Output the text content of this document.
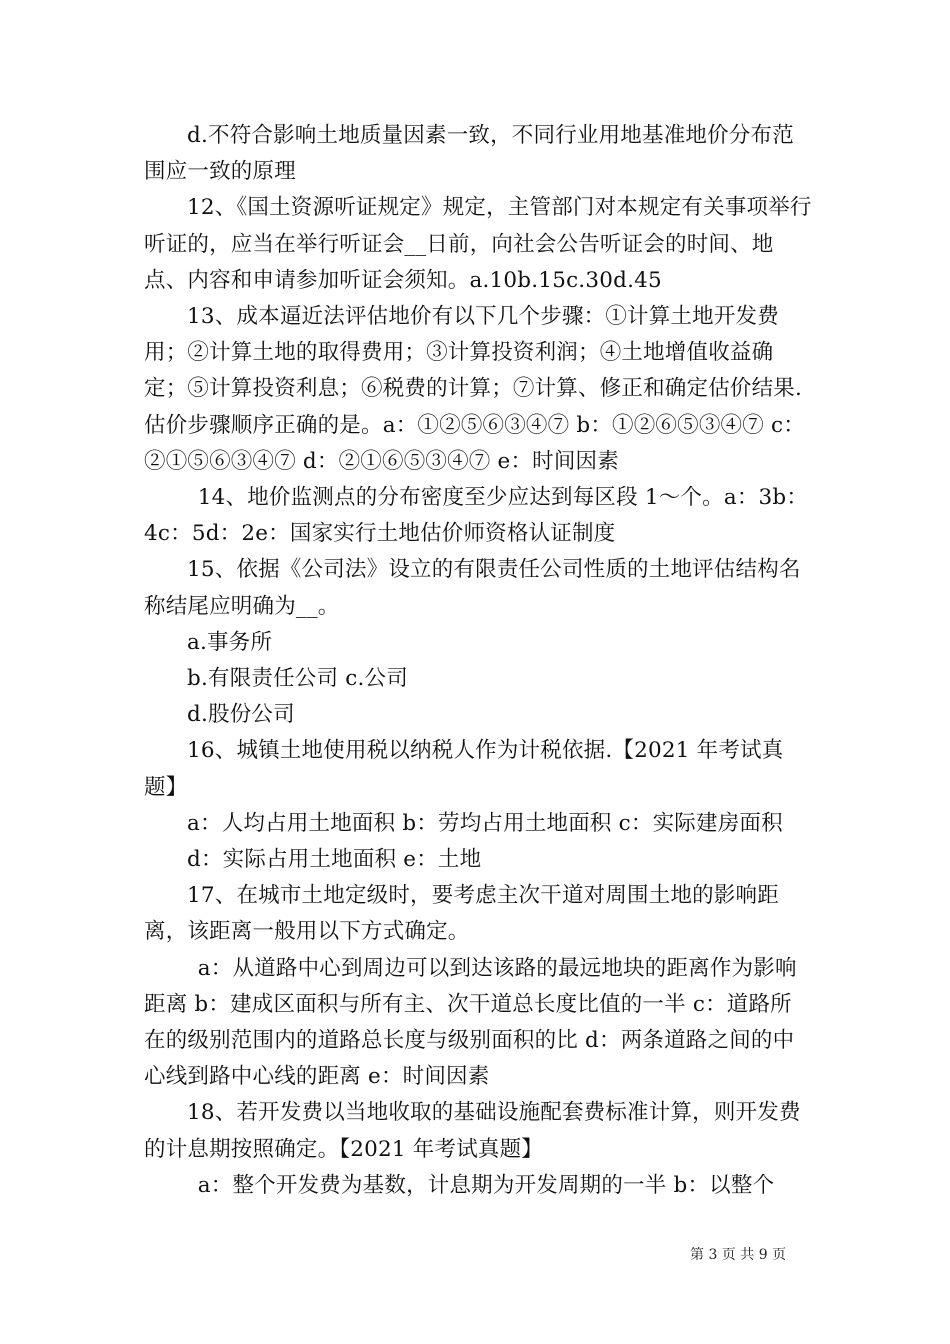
d.不符合影响土地质量因素一致，不同行业用地基准地价分布范围应一致的原理

12、《国土资源听证规定》规定，主管部门对本规定有关事项举行听证的，应当在举行听证会__日前，向社会公告听证会的时间、地点、内容和申请参加听证会须知。a.10b.15c.30d.45

13、成本逼近法评估地价有以下几个步骤：①计算土地开发费用；②计算土地的取得费用；③计算投资利润；④土地增值收益确定；⑤计算投资利息；⑥税费的计算；⑦计算、修正和确定估价结果.估价步骤顺序正确的是。a：①②⑤⑥③④⑦ b：①②⑥⑤③④⑦ c：②①⑤⑥③④⑦ d：②①⑥⑤③④⑦ e：时间因素

14、地价监测点的分布密度至少应达到每区段 1～个。a：3b：4c：5d：2e：国家实行土地估价师资格认证制度

15、依据《公司法》设立的有限责任公司性质的土地评估结构名称结尾应明确为__。

a.事务所

b.有限责任公司 c.公司

d.股份公司

16、城镇土地使用税以纳税人作为计税依据.【2021 年考试真题】

a：人均占用土地面积 b：劳均占用土地面积 c：实际建房面积

d：实际占用土地面积 e：土地

17、在城市土地定级时，要考虑主次干道对周围土地的影响距离，该距离一般用以下方式确定。

a：从道路中心到周边可以到达该路的最远地块的距离作为影响距离 b：建成区面积与所有主、次干道总长度比值的一半 c：道路所在的级别范围内的道路总长度与级别面积的比 d：两条道路之间的中心线到路中心线的距离 e：时间因素

18、若开发费以当地收取的基础设施配套费标准计算，则开发费的计息期按照确定。【2021 年考试真题】

a：整个开发费为基数，计息期为开发周期的一半 b：以整个

第 3 页 共 9 页
